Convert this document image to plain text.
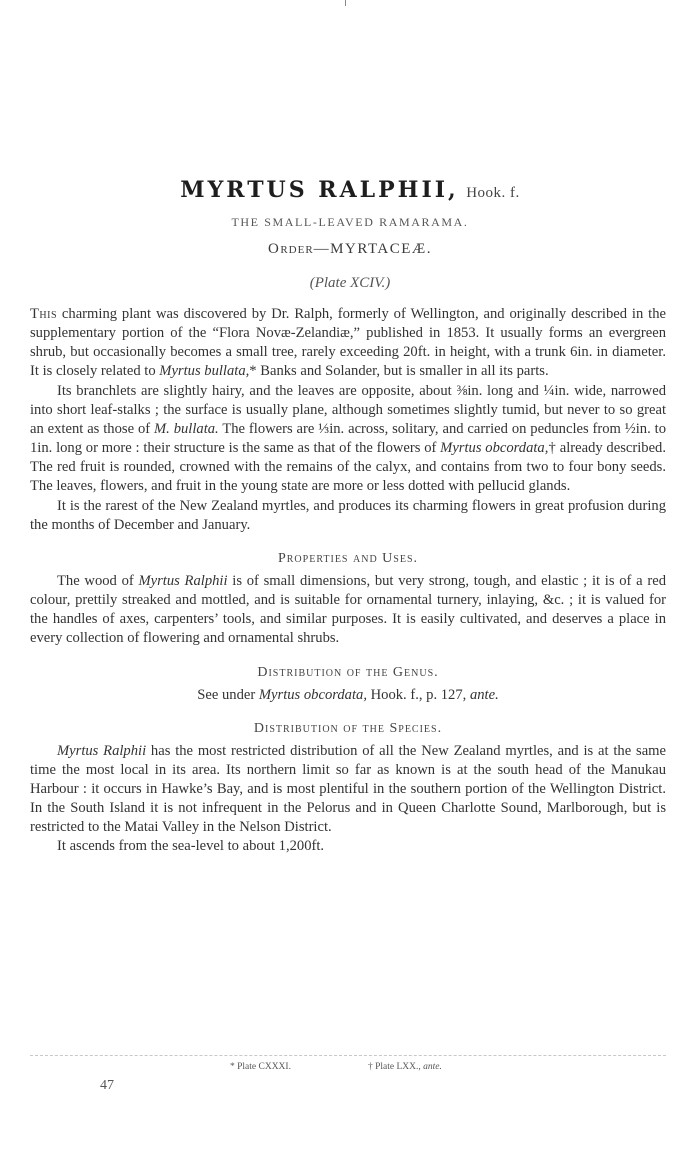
MYRTUS RALPHII, Hook. f.
THE SMALL-LEAVED RAMARAMA.
ORDER—MYRTACEÆ.
(Plate XCIV.)

This charming plant was discovered by Dr. Ralph, formerly of Wellington, and originally described in the supplementary portion of the “Flora Novæ-Zelandiæ,” published in 1853. It usually forms an evergreen shrub, but occasionally becomes a small tree, rarely exceeding 20ft. in height, with a trunk 6in. in diameter. It is closely related to Myrtus bullata,* Banks and Solander, but is smaller in all its parts.

Its branchlets are slightly hairy, and the leaves are opposite, about ⅜in. long and ¼in. wide, narrowed into short leaf-stalks ; the surface is usually plane, although sometimes slightly tumid, but never to so great an extent as those of M. bullata. The flowers are ⅓in. across, solitary, and carried on peduncles from ½in. to 1in. long or more : their structure is the same as that of the flowers of Myrtus obcordata,† already described. The red fruit is rounded, crowned with the remains of the calyx, and contains from two to four bony seeds. The leaves, flowers, and fruit in the young state are more or less dotted with pellucid glands.

It is the rarest of the New Zealand myrtles, and produces its charming flowers in great profusion during the months of December and January.

Properties and Uses.

The wood of Myrtus Ralphii is of small dimensions, but very strong, tough, and elastic ; it is of a red colour, prettily streaked and mottled, and is suitable for ornamental turnery, inlaying, &c. ; it is valued for the handles of axes, carpenters’ tools, and similar purposes. It is easily cultivated, and deserves a place in every collection of flowering and ornamental shrubs.

Distribution of the Genus.

See under Myrtus obcordata, Hook. f., p. 127, ante.

Distribution of the Species.

Myrtus Ralphii has the most restricted distribution of all the New Zealand myrtles, and is at the same time the most local in its area. Its northern limit so far as known is at the south head of the Manukau Harbour : it occurs in Hawke’s Bay, and is most plentiful in the southern portion of the Wellington District. In the South Island it is not infrequent in the Pelorus and in Queen Charlotte Sound, Marlborough, but is restricted to the Matai Valley in the Nelson District.

It ascends from the sea-level to about 1,200ft.

* Plate CXXXI.	† Plate LXX., ante.
47
